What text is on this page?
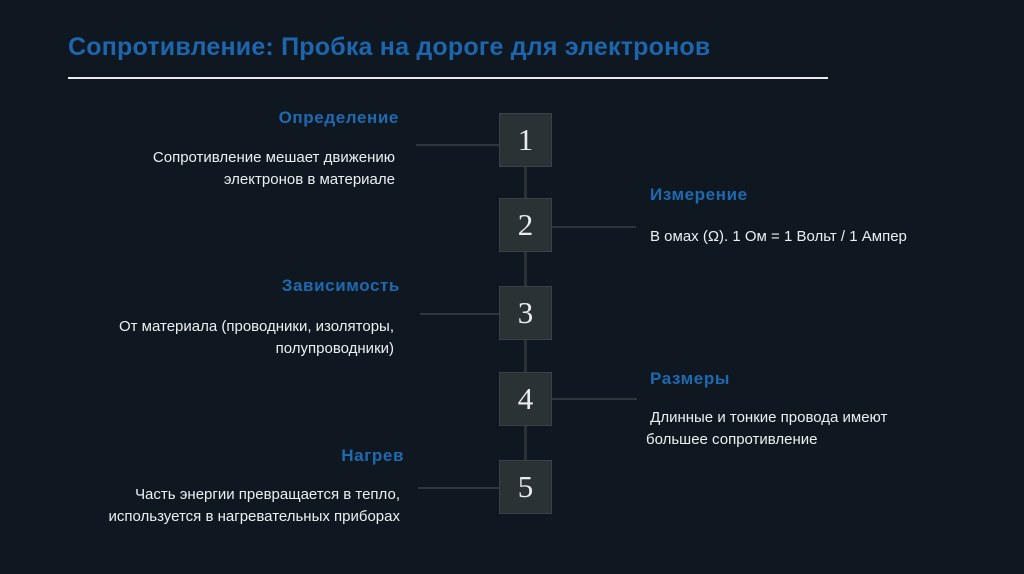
Сопротивление: Пробка на дороге для электронов
1
2
3
4
5
Определение
Сопротивление мешает движению
электронов в материале
Измерение
В омах (Ω). 1 Ом = 1 Вольт / 1 Ампер
Зависимость
От материала (проводники, изоляторы,
полупроводники)
Размеры
Длинные и тонкие провода имеют
большее сопротивление
Нагрев
Часть энергии превращается в тепло,
используется в нагревательных приборах
